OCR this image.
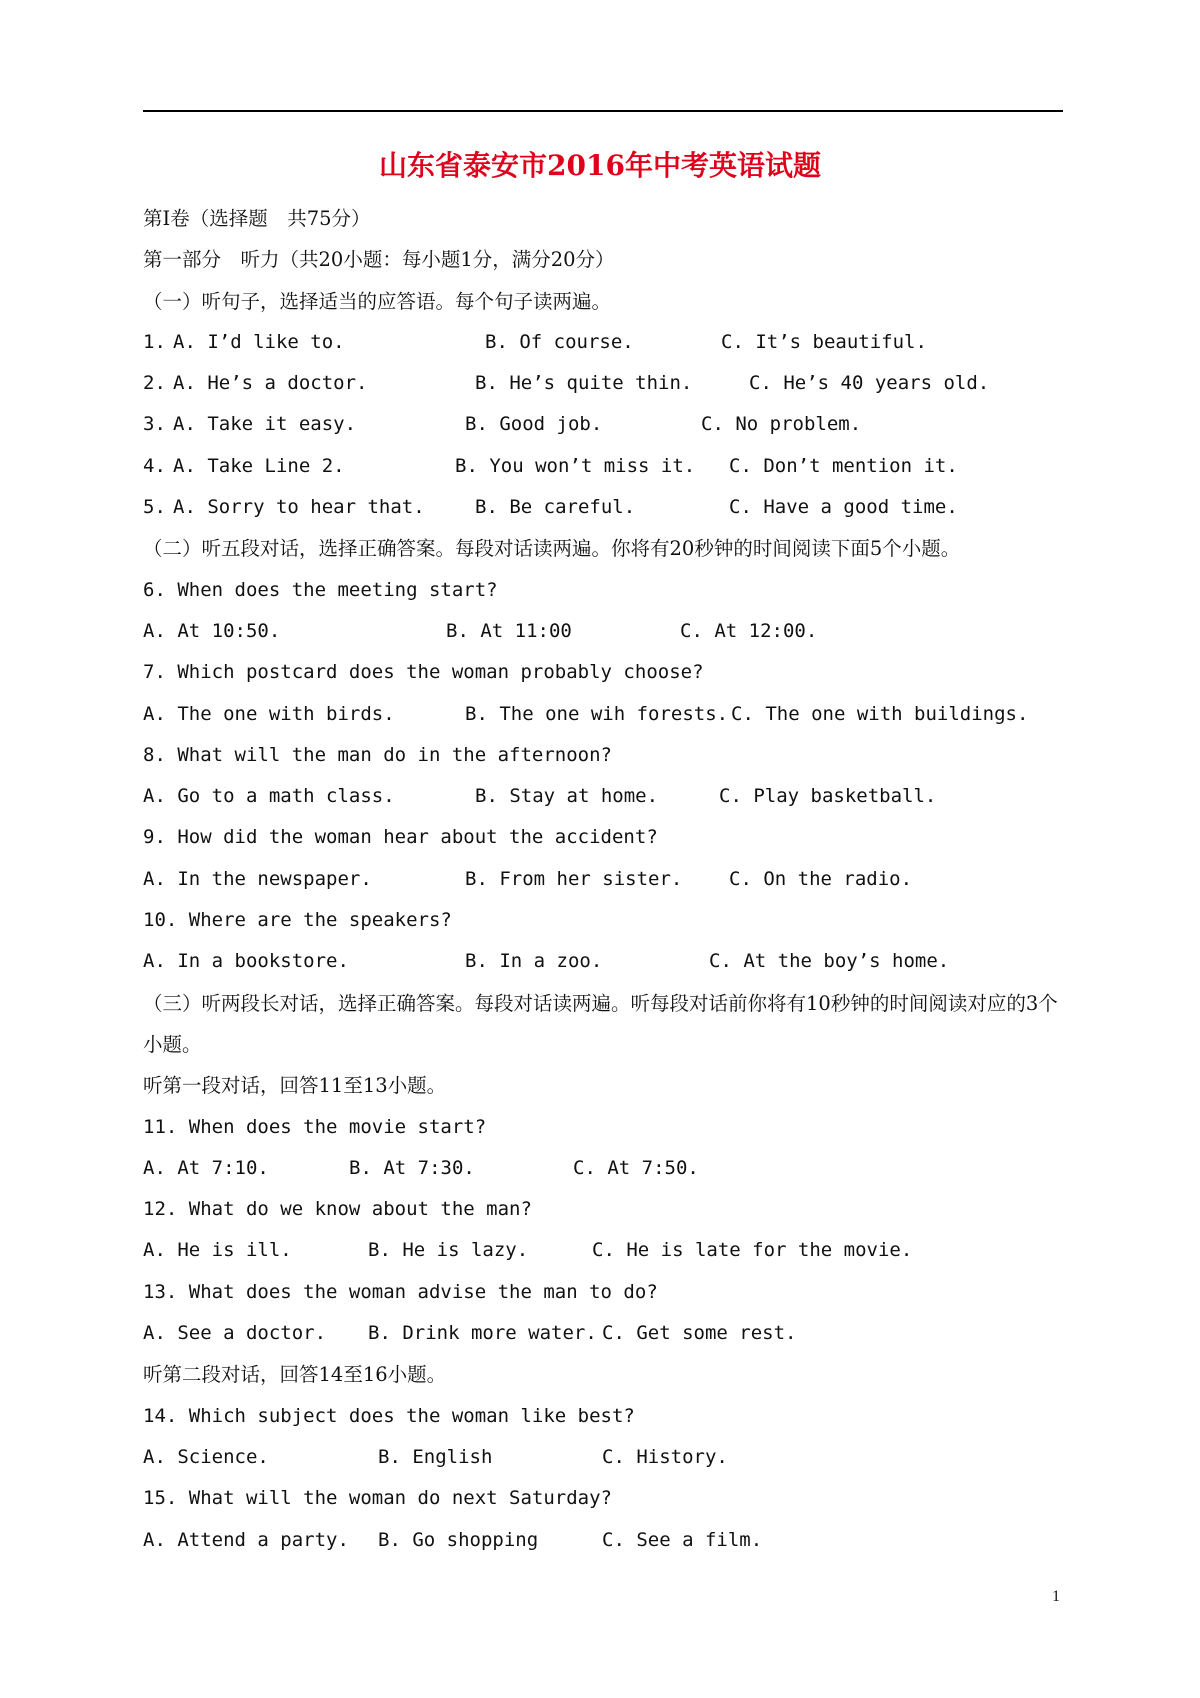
山东省泰安市2016年中考英语试题
第Ⅰ卷（选择题　共75分）
第一部分　听力（共20小题：每小题1分，满分20分）
（一）听句子，选择适当的应答语。每个句子读两遍。
1. A. I’d like to.	B. Of course.	C. It’s beautiful.
2. A. He’s a doctor.	B. He’s quite thin.	C. He’s 40 years old.
3. A. Take it easy.	B. Good job.	C. No problem.
4. A. Take Line 2.	B. You won’t miss it. C. Don’t mention it.
5. A. Sorry to hear that.	B. Be careful.	C. Have a good time.
（二）听五段对话，选择正确答案。每段对话读两遍。你将有20秒钟的时间阅读下面5个小题。
6. When does the meeting start?
A. At 10:50.	B. At 11:00	C. At 12:00.
7. Which postcard does the woman probably choose?
A. The one with birds.	B. The one wih forests. C. The one with buildings.
8. What will the man do in the afternoon?
A. Go to a math class.	B. Stay at home.	C. Play basketball.
9. How did the woman hear about the accident?
A. In the newspaper.	B. From her sister. C. On the radio.
10. Where are the speakers?
A. In a bookstore.	B. In a zoo.	C. At the boy’s home.
（三）听两段长对话，选择正确答案。每段对话读两遍。听每段对话前你将有10秒钟的时间阅读对应的3个小题。
听第一段对话，回答11至13小题。
11. When does the movie start?
A. At 7:10.	B. At 7:30.	C. At 7:50.
12. What do we know about the man?
A. He is ill.	B. He is lazy.	C. He is late for the movie.
13. What does the woman advise the man to do?
A. See a doctor. B. Drink more water. C. Get some rest.
听第二段对话，回答14至16小题。
14. Which subject does the woman like best?
A. Science.	B. English	C. History.
15. What will the woman do next Saturday?
A. Attend a party. B. Go shopping	C. See a film.
1
